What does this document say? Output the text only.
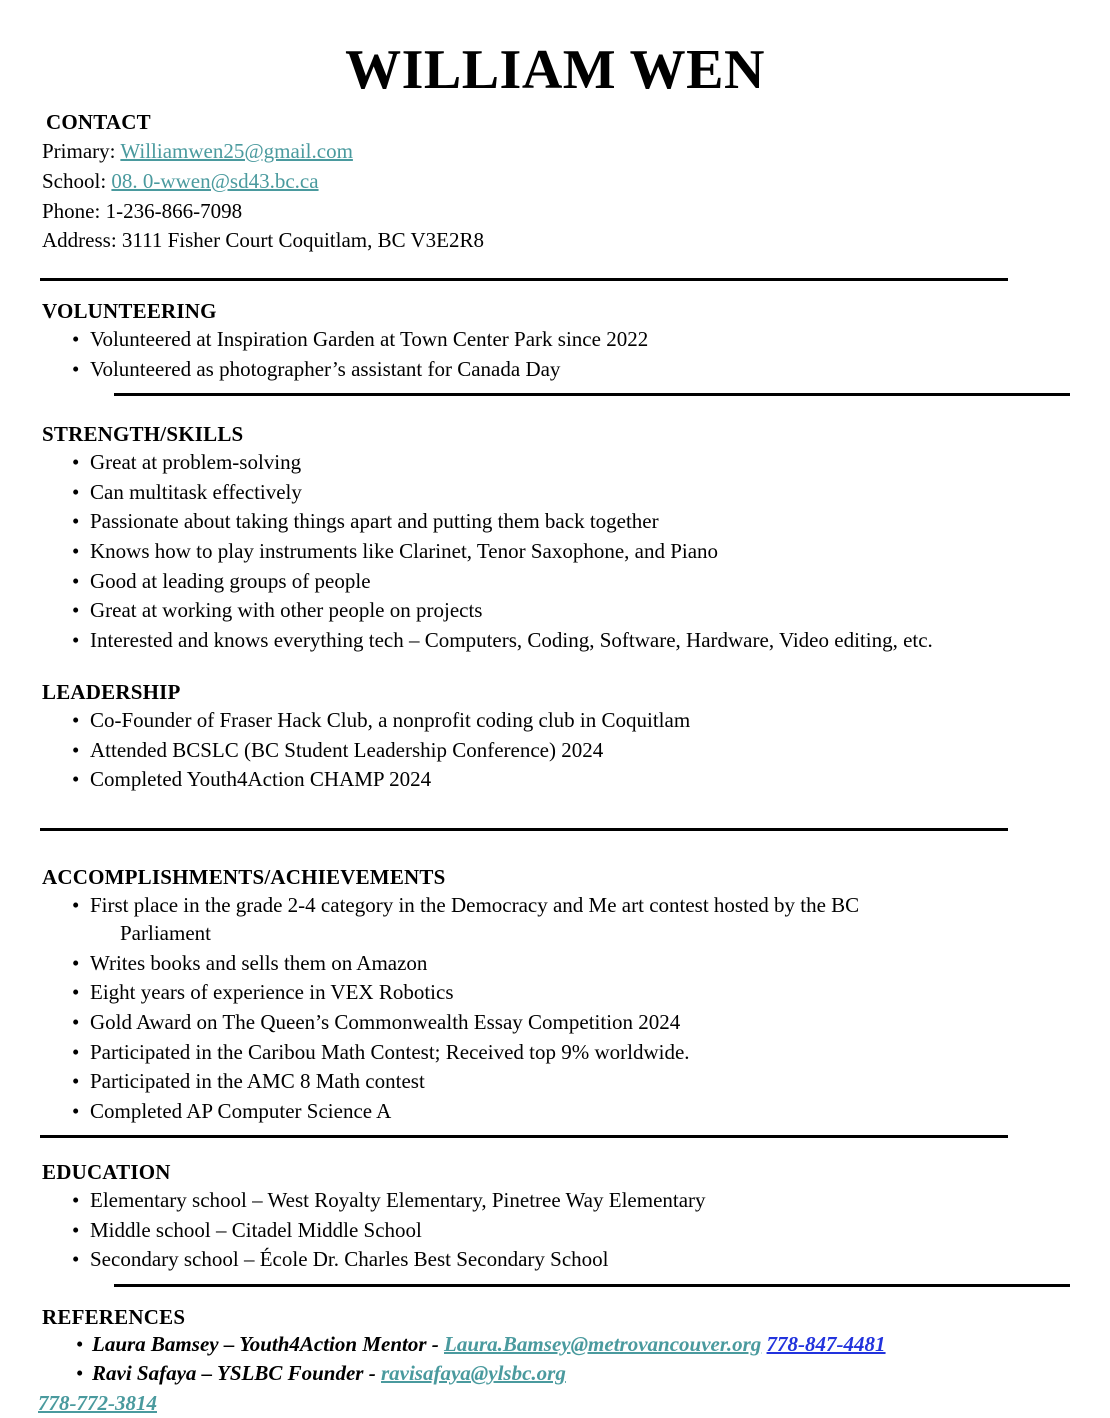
WILLIAM WEN
CONTACT
Primary: Williamwen25@gmail.com
School: 08. 0-wwen@sd43.bc.ca
Phone: 1-236-866-7098
Address: 3111 Fisher Court Coquitlam, BC V3E2R8
VOLUNTEERING
• Volunteered at Inspiration Garden at Town Center Park since 2022
• Volunteered as photographer’s assistant for Canada Day
STRENGTH/SKILLS
• Great at problem-solving
• Can multitask effectively
• Passionate about taking things apart and putting them back together
• Knows how to play instruments like Clarinet, Tenor Saxophone, and Piano
• Good at leading groups of people
• Great at working with other people on projects
• Interested and knows everything tech – Computers, Coding, Software, Hardware, Video editing, etc.
LEADERSHIP
• Co-Founder of Fraser Hack Club, a nonprofit coding club in Coquitlam
• Attended BCSLC (BC Student Leadership Conference) 2024
• Completed Youth4Action CHAMP 2024
ACCOMPLISHMENTS/ACHIEVEMENTS
• First place in the grade 2-4 category in the Democracy and Me art contest hosted by the BC
Parliament
• Writes books and sells them on Amazon
• Eight years of experience in VEX Robotics
• Gold Award on The Queen’s Commonwealth Essay Competition 2024
• Participated in the Caribou Math Contest; Received top 9% worldwide.
• Participated in the AMC 8 Math contest
• Completed AP Computer Science A
EDUCATION
• Elementary school – West Royalty Elementary, Pinetree Way Elementary
• Middle school – Citadel Middle School
• Secondary school – École Dr. Charles Best Secondary School
REFERENCES
• Laura Bamsey – Youth4Action Mentor - Laura.Bamsey@metrovancouver.org 778-847-4481
• Ravi Safaya – YSLBC Founder - ravisafaya@ylsbc.org
778-772-3814
